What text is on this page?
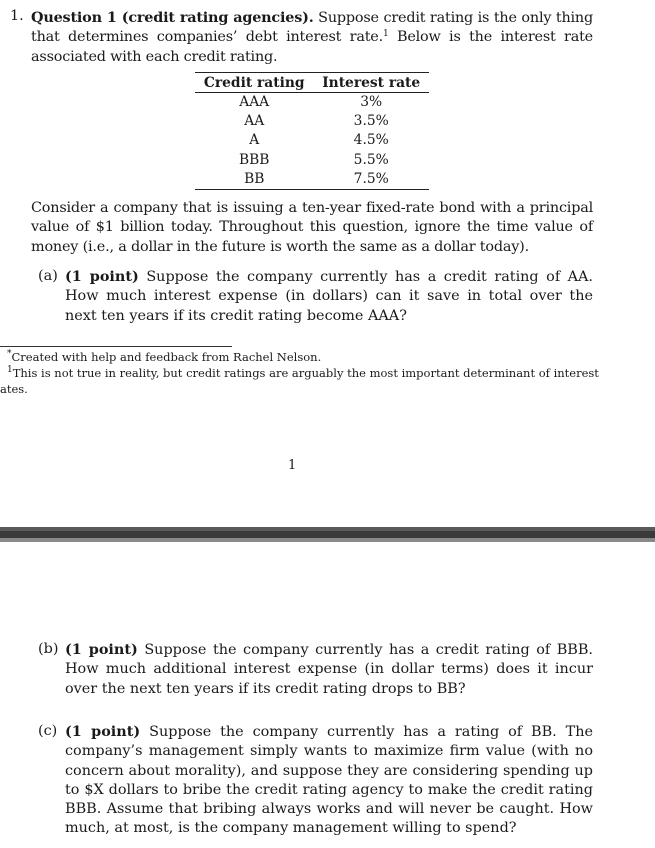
1. Question 1 (credit rating agencies). Suppose credit rating is the only thing that determines companies’ debt interest rate.$^1$ Below is the interest rate associated with each credit rating.

Credit rating	Interest rate
AAA	3%
AA	3.5%
A	4.5%
BBB	5.5%
BB	7.5%

Consider a company that is issuing a ten-year fixed-rate bond with a principal value of $1 billion today. Throughout this question, ignore the time value of money (i.e., a dollar in the future is worth the same as a dollar today).

(a) (1 point) Suppose the company currently has a credit rating of AA. How much interest expense (in dollars) can it save in total over the next ten years if its credit rating become AAA?
*Created with help and feedback from Rachel Nelson.
$^1$This is not true in reality, but credit ratings are arguably the most important determinant of interest
ates.
1
(b) (1 point) Suppose the company currently has a credit rating of BBB. How much additional interest expense (in dollar terms) does it incur over the next ten years if its credit rating drops to BB?
(c) (1 point) Suppose the company currently has a rating of BB. The company’s management simply wants to maximize firm value (with no concern about morality), and suppose they are considering spending up to $X dollars to bribe the credit rating agency to make the credit rating BBB. Assume that bribing always works and will never be caught. How much, at most, is the company management willing to spend?
